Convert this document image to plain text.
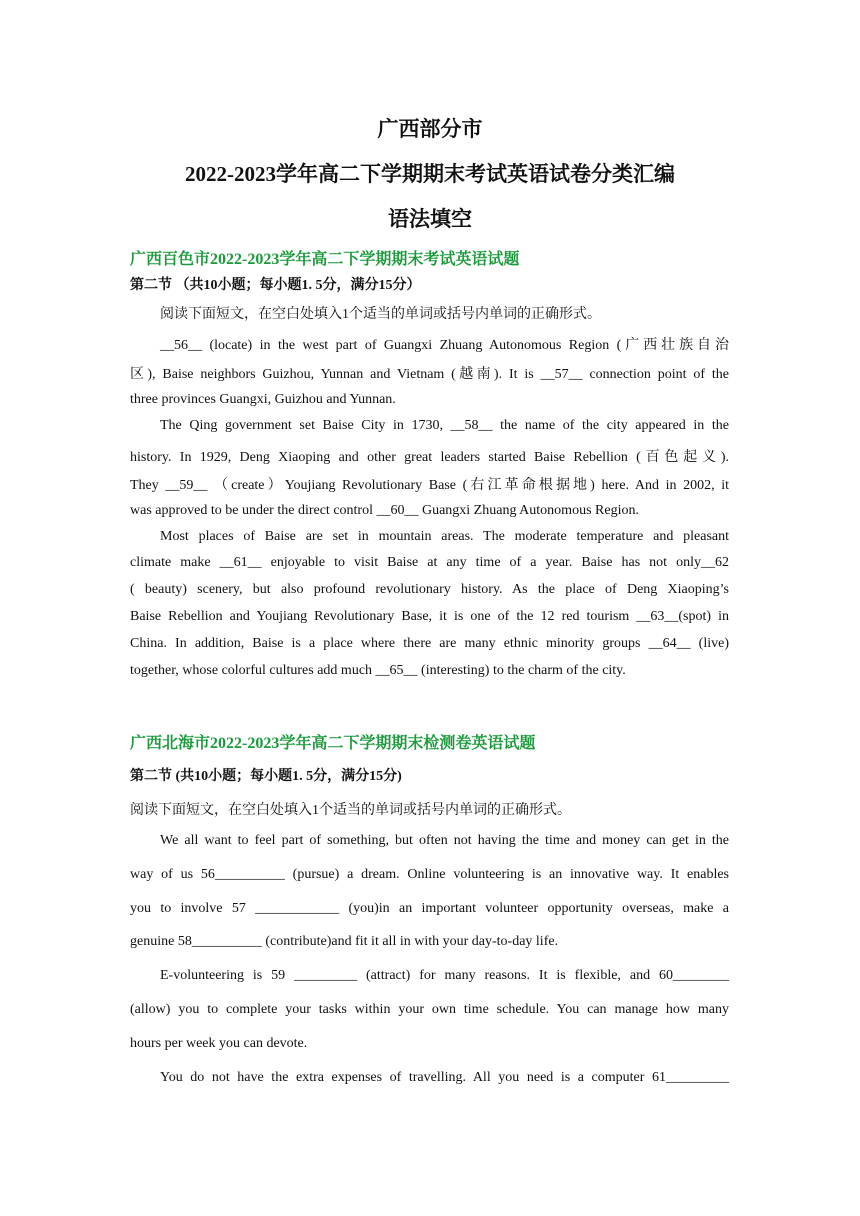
广西部分市
2022-2023学年高二下学期期末考试英语试卷分类汇编
语法填空
广西百色市2022-2023学年高二下学期期末考试英语试题
第二节 （共10小题；每小题1. 5分，满分15分）
阅读下面短文，在空白处填入1个适当的单词或括号内单词的正确形式。
__56__ (locate) in the west part of Guangxi Zhuang Autonomous Region (广西壮族自治
区), Baise neighbors Guizhou, Yunnan and Vietnam (越南). It is __57__ connection point of the
three provinces Guangxi, Guizhou and Yunnan.
The Qing government set Baise City in 1730, __58__ the name of the city appeared in the
history. In 1929, Deng Xiaoping and other great leaders started Baise Rebellion (百色起义).
They __59__ （create）Youjiang Revolutionary Base (右江革命根据地) here. And in 2002, it
was approved to be under the direct control __60__ Guangxi Zhuang Autonomous Region.
Most places of Baise are set in mountain areas. The moderate temperature and pleasant
climate make __61__ enjoyable to visit Baise at any time of a year. Baise has not only__62
( beauty) scenery, but also profound revolutionary history. As the place of Deng Xiaoping’s
Baise Rebellion and Youjiang Revolutionary Base, it is one of the 12 red tourism __63__(spot) in
China. In addition, Baise is a place where there are many ethnic minority groups __64__ (live)
together, whose colorful cultures add much __65__ (interesting) to the charm of the city.
广西北海市2022-2023学年高二下学期期末检测卷英语试题
第二节 (共10小题；每小题1. 5分，满分15分)
阅读下面短文，在空白处填入1个适当的单词或括号内单词的正确形式。
We all want to feel part of something, but often not having the time and money can get in the
way of us 56__________ (pursue) a dream. Online volunteering is an innovative way. It enables
you to involve 57 ____________ (you)in an important volunteer opportunity overseas, make a
genuine 58__________ (contribute)and fit it all in with your day-to-day life.
E-volunteering is 59 _________ (attract) for many reasons. It is flexible, and 60________
(allow) you to complete your tasks within your own time schedule. You can manage how many
hours per week you can devote.
You do not have the extra expenses of travelling. All you need is a computer 61_________
